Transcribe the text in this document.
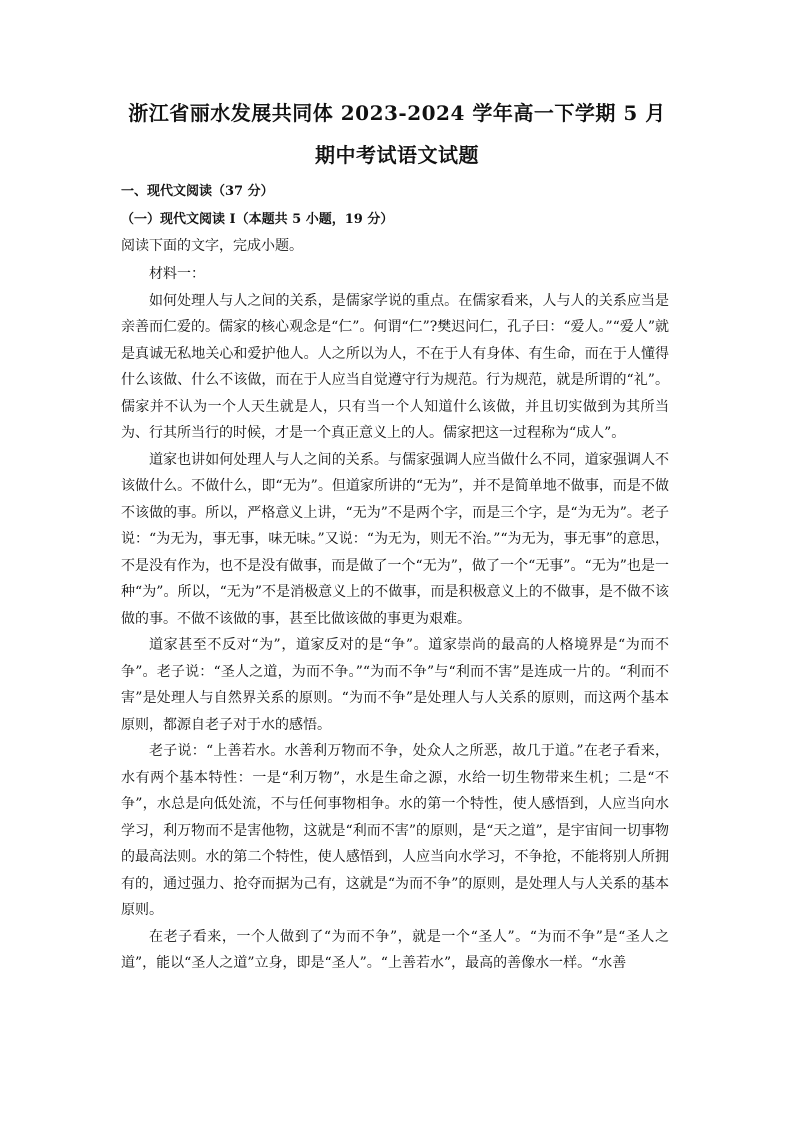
浙江省丽水发展共同体 2023-2024 学年高一下学期 5 月
期中考试语文试题
一、现代文阅读（37 分）
（一）现代文阅读 I（本题共 5 小题，19 分）
阅读下面的文字，完成小题。

材料一：

如何处理人与人之间的关系，是儒家学说的重点。在儒家看来，人与人的关系应当是亲善而仁爱的。儒家的核心观念是“仁”。何谓“仁”?樊迟问仁，孔子曰：“爱人。”“爱人”就是真诚无私地关心和爱护他人。人之所以为人，不在于人有身体、有生命，而在于人懂得什么该做、什么不该做，而在于人应当自觉遵守行为规范。行为规范，就是所谓的“礼”。儒家并不认为一个人天生就是人，只有当一个人知道什么该做，并且切实做到为其所当为、行其所当行的时候，才是一个真正意义上的人。儒家把这一过程称为“成人”。

道家也讲如何处理人与人之间的关系。与儒家强调人应当做什么不同，道家强调人不该做什么。不做什么，即“无为”。但道家所讲的“无为”，并不是简单地不做事，而是不做不该做的事。所以，严格意义上讲，“无为”不是两个字，而是三个字，是“为无为”。老子说：“为无为，事无事，味无味。”又说：“为无为，则无不治。”“为无为，事无事”的意思，不是没有作为，也不是没有做事，而是做了一个“无为”，做了一个“无事”。“无为”也是一种“为”。所以，“无为”不是消极意义上的不做事，而是积极意义上的不做事，是不做不该做的事。不做不该做的事，甚至比做该做的事更为艰难。

道家甚至不反对“为”，道家反对的是“争”。道家崇尚的最高的人格境界是“为而不争”。老子说：“圣人之道，为而不争。”“为而不争”与“利而不害”是连成一片的。“利而不害”是处理人与自然界关系的原则。“为而不争”是处理人与人关系的原则，而这两个基本原则，都源自老子对于水的感悟。

老子说：“上善若水。水善利万物而不争，处众人之所恶，故几于道。”在老子看来，水有两个基本特性：一是“利万物”，水是生命之源，水给一切生物带来生机；二是“不争”，水总是向低处流，不与任何事物相争。水的第一个特性，使人感悟到，人应当向水学习，利万物而不是害他物，这就是“利而不害”的原则，是“天之道”，是宇宙间一切事物的最高法则。水的第二个特性，使人感悟到，人应当向水学习，不争抢，不能将别人所拥有的，通过强力、抢夺而据为己有，这就是“为而不争”的原则，是处理人与人关系的基本原则。

在老子看来，一个人做到了“为而不争”，就是一个“圣人”。“为而不争”是“圣人之道”，能以“圣人之道”立身，即是“圣人”。“上善若水”，最高的善像水一样。“水善
